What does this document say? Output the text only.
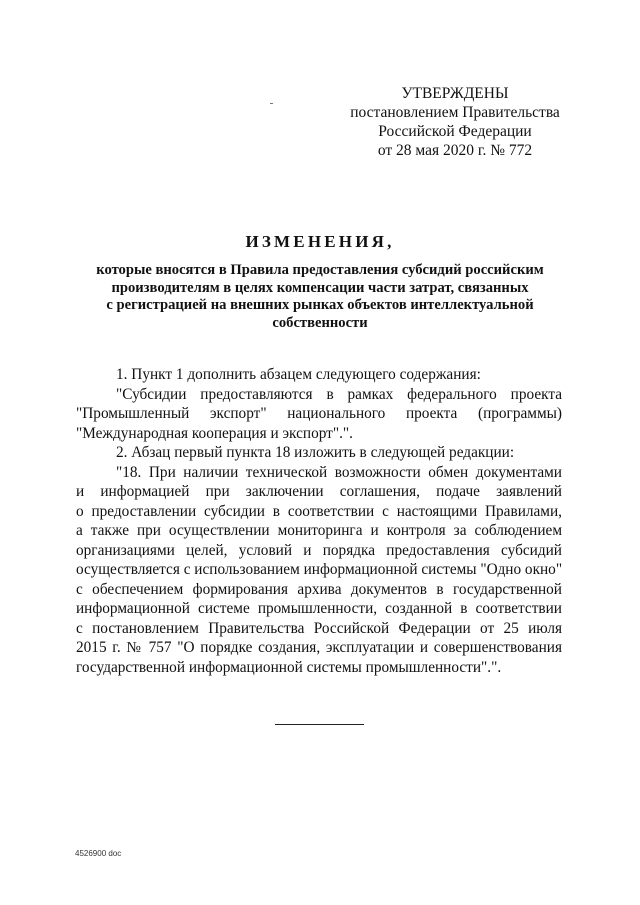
УТВЕРЖДЕНЫ
постановлением Правительства
Российской Федерации
от 28 мая 2020 г. № 772
ИЗМЕНЕНИЯ,
которые вносятся в Правила предоставления субсидий российским
производителям в целях компенсации части затрат, связанных
с регистрацией на внешних рынках объектов интеллектуальной
собственности
1. Пункт 1 дополнить абзацем следующего содержания:
"Субсидии предоставляются в рамках федерального проекта
"Промышленный экспорт" национального проекта (программы)
"Международная кооперация и экспорт".".
2. Абзац первый пункта 18 изложить в следующей редакции:
"18. При наличии технической возможности обмен документами
и информацией при заключении соглашения, подаче заявлений
о предоставлении субсидии в соответствии с настоящими Правилами,
а также при осуществлении мониторинга и контроля за соблюдением
организациями целей, условий и порядка предоставления субсидий
осуществляется с использованием информационной системы "Одно окно"
с обеспечением формирования архива документов в государственной
информационной системе промышленности, созданной в соответствии
с постановлением Правительства Российской Федерации от 25 июля
2015 г. № 757 "О порядке создания, эксплуатации и совершенствования
государственной информационной системы промышленности".".
4526900 doc
